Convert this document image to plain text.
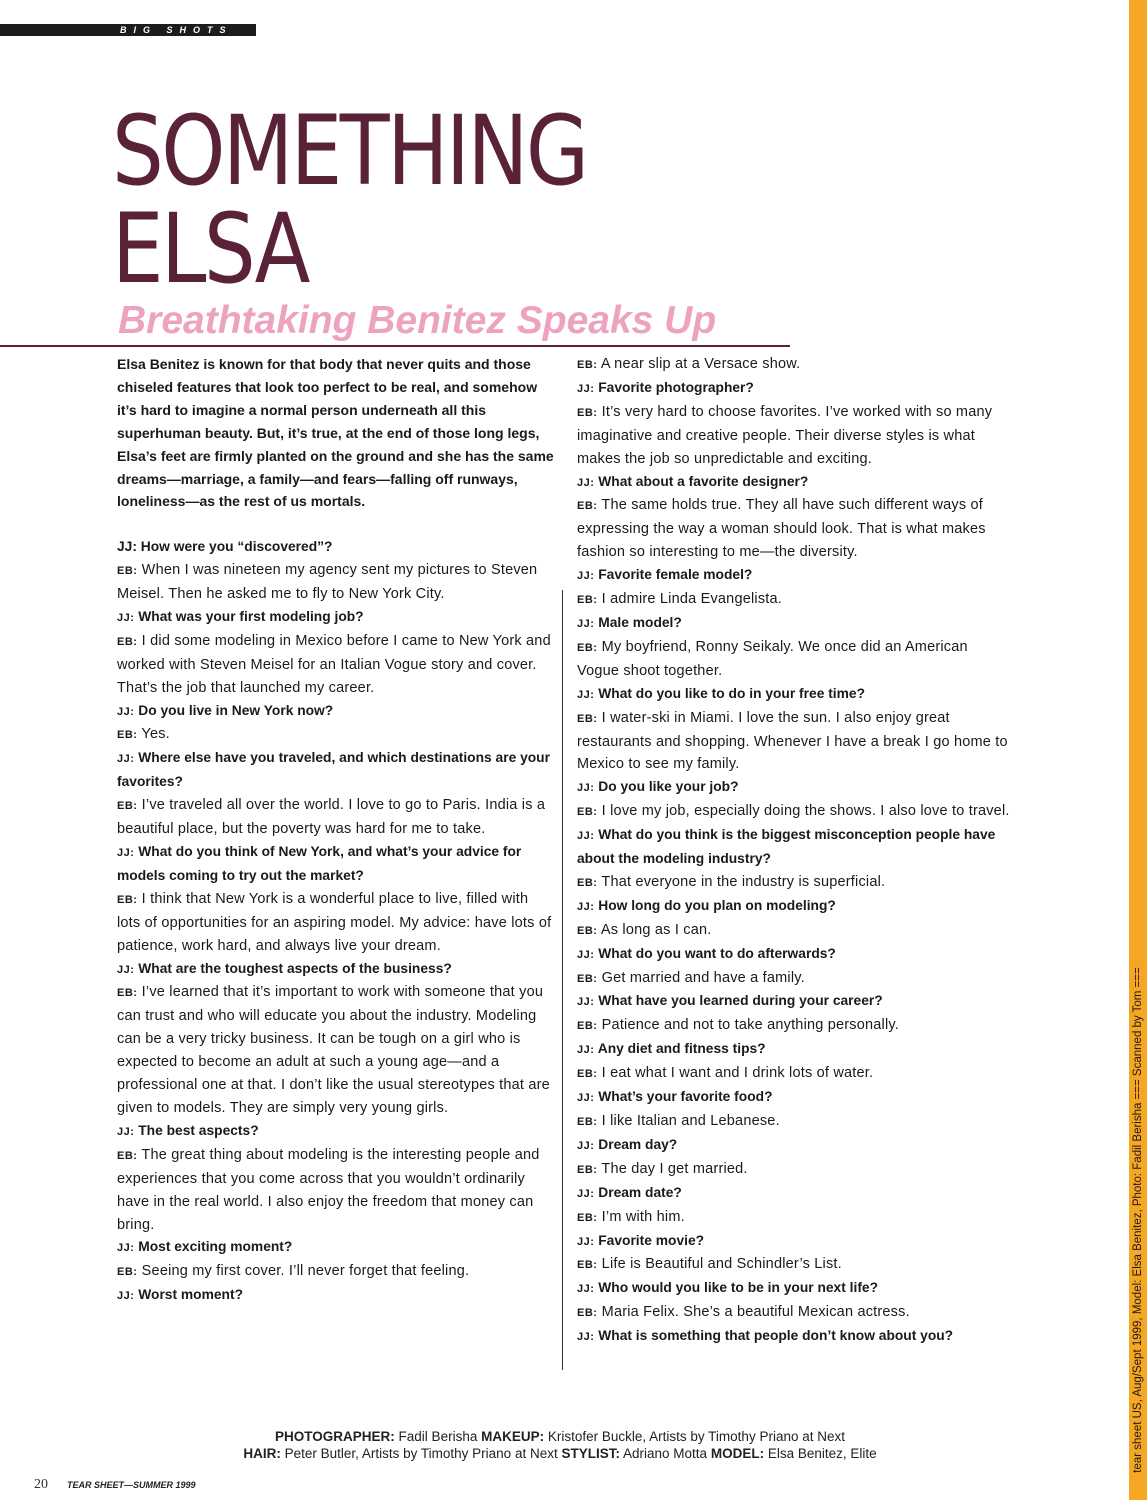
BIG SHOTS
SOMETHING
ELSA
Breathtaking Benitez Speaks Up
Elsa Benitez is known for that body that never quits and those chiseled features that look too perfect to be real, and somehow it’s hard to imagine a normal person underneath all this superhuman beauty. But, it’s true, at the end of those long legs, Elsa’s feet are firmly planted on the ground and she has the same dreams—marriage, a family—and fears—falling off runways, loneliness—as the rest of us mortals.
JJ: How were you “discovered”?
EB: When I was nineteen my agency sent my pictures to Steven Meisel. Then he asked me to fly to New York City.
JJ: What was your first modeling job?
EB: I did some modeling in Mexico before I came to New York and worked with Steven Meisel for an Italian Vogue story and cover. That’s the job that launched my career.
JJ: Do you live in New York now?
EB: Yes.
JJ: Where else have you traveled, and which destinations are your favorites?
EB: I’ve traveled all over the world. I love to go to Paris. India is a beautiful place, but the poverty was hard for me to take.
JJ: What do you think of New York, and what’s your advice for models coming to try out the market?
EB: I think that New York is a wonderful place to live, filled with lots of opportunities for an aspiring model. My advice: have lots of patience, work hard, and always live your dream.
JJ: What are the toughest aspects of the business?
EB: I’ve learned that it’s important to work with someone that you can trust and who will educate you about the industry. Modeling can be a very tricky business. It can be tough on a girl who is expected to become an adult at such a young age—and a professional one at that. I don’t like the usual stereotypes that are given to models. They are simply very young girls.
JJ: The best aspects?
EB: The great thing about modeling is the interesting people and experiences that you come across that you wouldn’t ordinarily have in the real world. I also enjoy the freedom that money can bring.
JJ: Most exciting moment?
EB: Seeing my first cover. I’ll never forget that feeling.
JJ: Worst moment?
EB: A near slip at a Versace show.
JJ: Favorite photographer?
EB: It’s very hard to choose favorites. I’ve worked with so many imaginative and creative people. Their diverse styles is what makes the job so unpredictable and exciting.
JJ: What about a favorite designer?
EB: The same holds true. They all have such different ways of expressing the way a woman should look. That is what makes fashion so interesting to me—the diversity.
JJ: Favorite female model?
EB: I admire Linda Evangelista.
JJ: Male model?
EB: My boyfriend, Ronny Seikaly. We once did an American Vogue shoot together.
JJ: What do you like to do in your free time?
EB: I water-ski in Miami. I love the sun. I also enjoy great restaurants and shopping. Whenever I have a break I go home to Mexico to see my family.
JJ: Do you like your job?
EB: I love my job, especially doing the shows. I also love to travel.
JJ: What do you think is the biggest misconception people have about the modeling industry?
EB: That everyone in the industry is superficial.
JJ: How long do you plan on modeling?
EB: As long as I can.
JJ: What do you want to do afterwards?
EB: Get married and have a family.
JJ: What have you learned during your career?
EB: Patience and not to take anything personally.
JJ: Any diet and fitness tips?
EB: I eat what I want and I drink lots of water.
JJ: What’s your favorite food?
EB: I like Italian and Lebanese.
JJ: Dream day?
EB: The day I get married.
JJ: Dream date?
EB: I’m with him.
JJ: Favorite movie?
EB: Life is Beautiful and Schindler’s List.
JJ: Who would you like to be in your next life?
EB: Maria Felix. She’s a beautiful Mexican actress.
JJ: What is something that people don’t know about you?
PHOTOGRAPHER: Fadil Berisha MAKEUP: Kristofer Buckle, Artists by Timothy Priano at Next
HAIR: Peter Butler, Artists by Timothy Priano at Next STYLIST: Adriano Motta MODEL: Elsa Benitez, Elite
20 TEAR SHEET—SUMMER 1999
tear sheet US, Aug/Sept 1999, Model: Elsa Benitez, Photo: Fadil Berisha === Scanned by Tom ===
